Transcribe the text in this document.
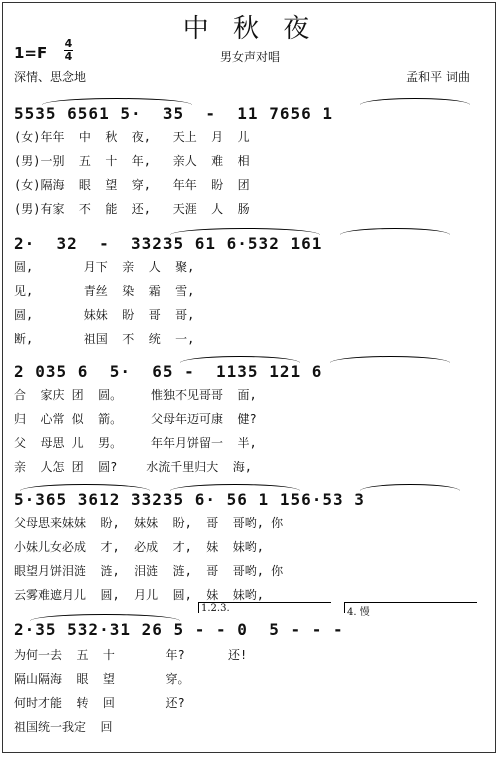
中 秋 夜
男女声对唱
1=F
4
4
深情、思念地	孟和平 词曲
5535 6561 5·  35  -  11 7656 1
(女)年年  中  秋  夜,   天上  月  儿
(男)一别  五  十  年,   亲人  难  相
(女)隔海  眼  望  穿,   年年  盼  团
(男)有家  不  能  还,   天涯  人  肠
2·  32  -  33235 61 6·532 161
圆,       月下  亲  人  聚,
见,       青丝  染  霜  雪,
圆,       妹妹  盼  哥  哥,
断,       祖国  不  统  一,
2 035 6  5·  65 -  1135 121 6
合  家庆 团  圆。    惟独不见哥哥  面,
归  心常 似  箭。    父母年迈可康  健?
父  母思 儿  男。    年年月饼留一  半,
亲  人怎 团  圆?    水流千里归大  海,
5·365 3612 33235 6· 56 1 156·53 3
父母思来妹妹  盼,  妹妹  盼,  哥  哥哟, 你
小妹儿女必成  才,  必成  才,  妹  妹哟,
眼望月饼泪涟  涟,  泪涟  涟,  哥  哥哟, 你
云雾难遮月儿  圆,  月儿  圆,  妹  妹哟,
1.2.3.	4. 慢
2·35 532·31 26 5 - - 0  5 - - -
为何一去  五  十       年?      还!
隔山隔海  眼  望       穿。
何时才能  转  回       还?
祖国统一我定  回
